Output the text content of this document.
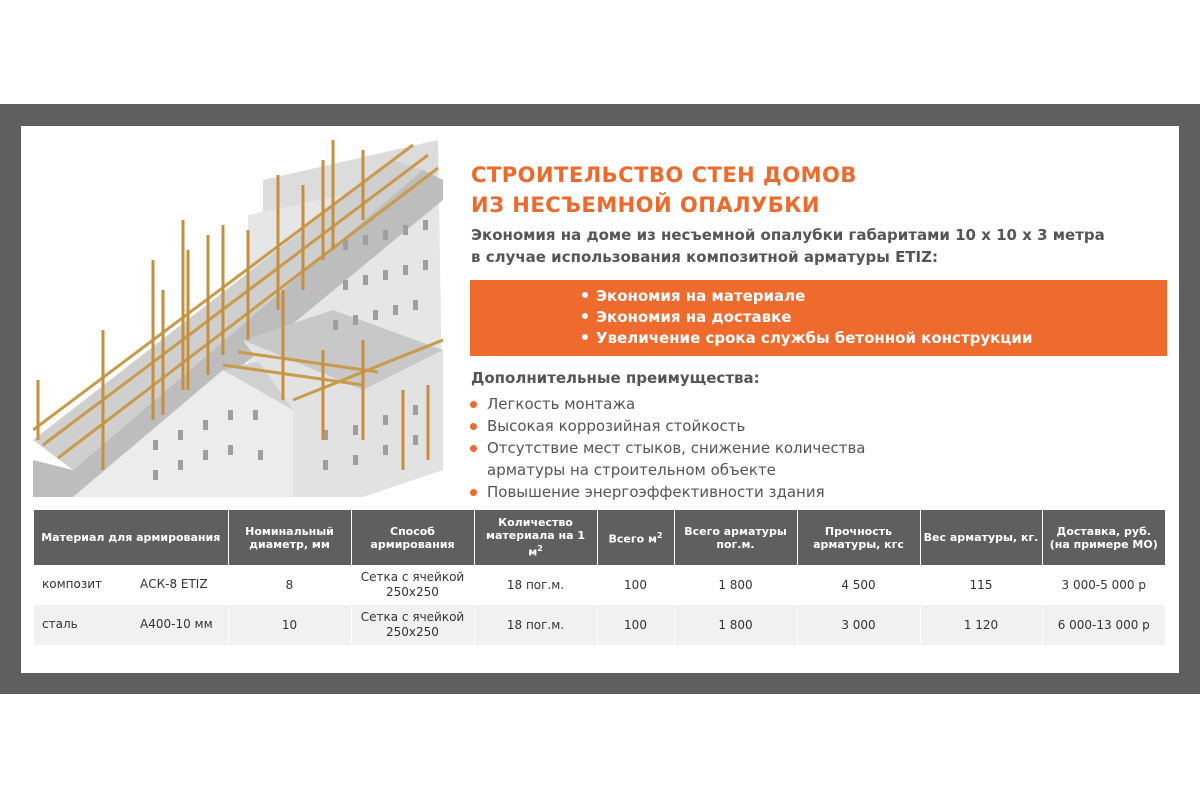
СТРОИТЕЛЬСТВО СТЕН ДОМОВ
ИЗ НЕСЪЕМНОЙ ОПАЛУБКИ
Экономия на доме из несъемной опалубки габаритами 10 х 10 х 3 метра
в случае использования композитной арматуры ETIZ:
Экономия на материале
Экономия на доставке
Увеличение срока службы бетонной конструкции
Дополнительные преимущества:
Легкость монтажа
Высокая коррозийная стойкость
Отсутствие мест стыков, снижение количества
арматуры на строительном объекте
Повышение энергоэффективности здания
Материал для армирования	Номинальный диаметр, мм	Способ армирования	Количество материала на 1 $м^2$	Всего $м^2$	Всего арматуры пог.м.	Прочность арматуры, кгс	Вес арматуры, кг.	Доставка, руб. (на примере МО)

композит АСК-8 ETIZ	8	Сетка с ячейкой 250х250	18 пог.м.	100	1 800	4 500	115	3 000-5 000 р

сталь А400-10 мм	10	Сетка с ячейкой 250х250	18 пог.м.	100	1 800	3 000	1 120	6 000-13 000 р
